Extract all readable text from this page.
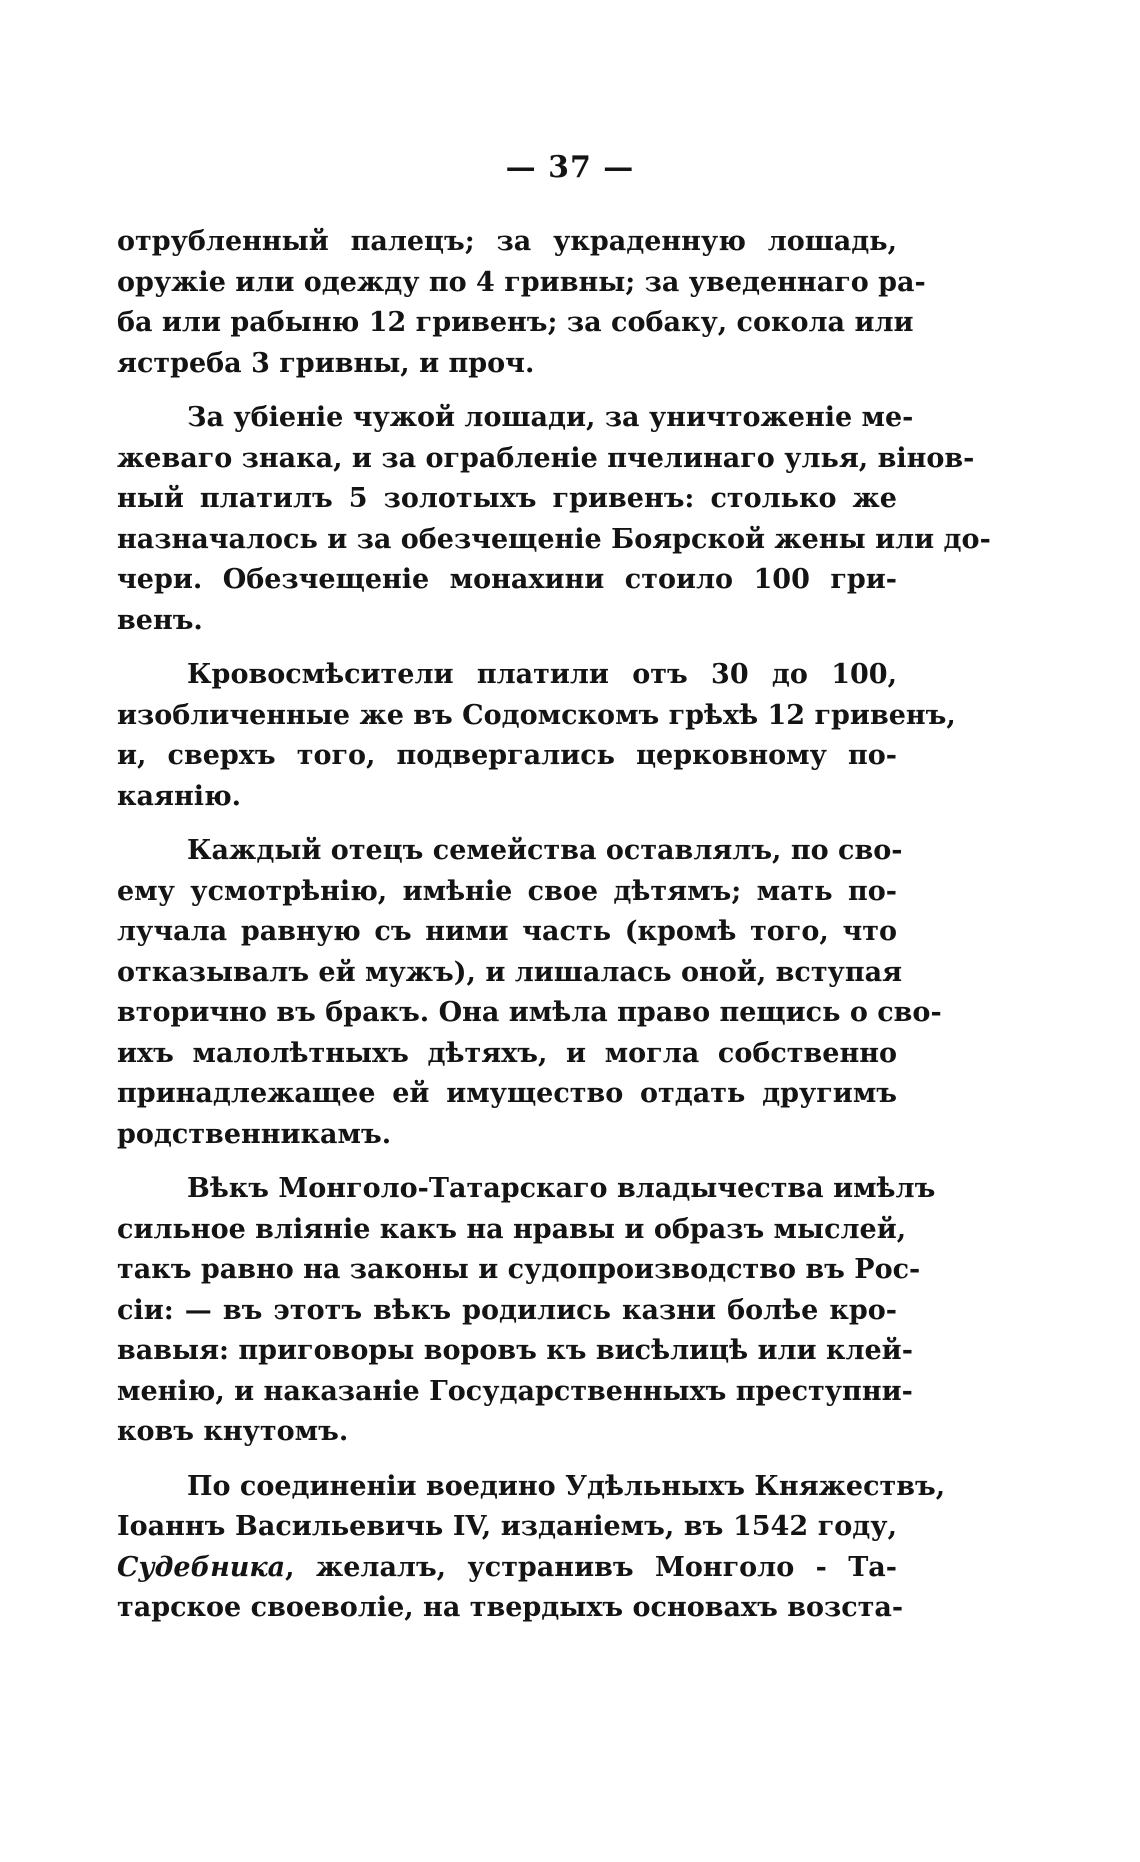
— 37 —
отрубленный палецъ; за украденную лошадь,
оружіе или одежду по 4 гривны; за уведеннаго ра-
ба или рабыню 12 гривенъ; за собаку, сокола или
ястреба 3 гривны, и проч.
За убіеніе чужой лошади, за уничтоженіе ме-
жеваго знака, и за ограбленіе пчелинаго улья, вінов-
ный платилъ 5 золотыхъ гривенъ: столько же
назначалось и за обезчещеніе Боярской жены или до-
чери. Обезчещеніе монахини стоило 100 гри-
венъ.
Кровосмѣсители платили отъ 30 до 100,
изобличенные же въ Содомскомъ грѣхѣ 12 гривенъ,
и, сверхъ того, подвергались церковному по-
каянію.
Каждый отецъ семейства оставлялъ, по сво-
ему усмотрѣнію, имѣніе свое дѣтямъ; мать по-
лучала равную съ ними часть (кромѣ того, что
отказывалъ ей мужъ), и лишалась оной, вступая
вторично въ бракъ. Она имѣла право пещись о сво-
ихъ малолѣтныхъ дѣтяхъ, и могла собственно
принадлежащее ей имущество отдать другимъ
родственникамъ.
Вѣкъ Монголо-Татарскаго владычества имѣлъ
сильное вліяніе какъ на нравы и образъ мыслей,
такъ равно на законы и судопроизводство въ Рос-
сіи: — въ этотъ вѣкъ родились казни болѣе кро-
вавыя: приговоры воровъ къ висѣлицѣ или клей-
менію, и наказаніе Государственныхъ преступни-
ковъ кнутомъ.
По соединеніи воедино Удѣльныхъ Княжествъ,
Іоаннъ Васильевичь IV, изданіемъ, въ 1542 году,
Судебника, желалъ, устранивъ Монголо - Та-
тарское своеволіе, на твердыхъ основахъ возста-
